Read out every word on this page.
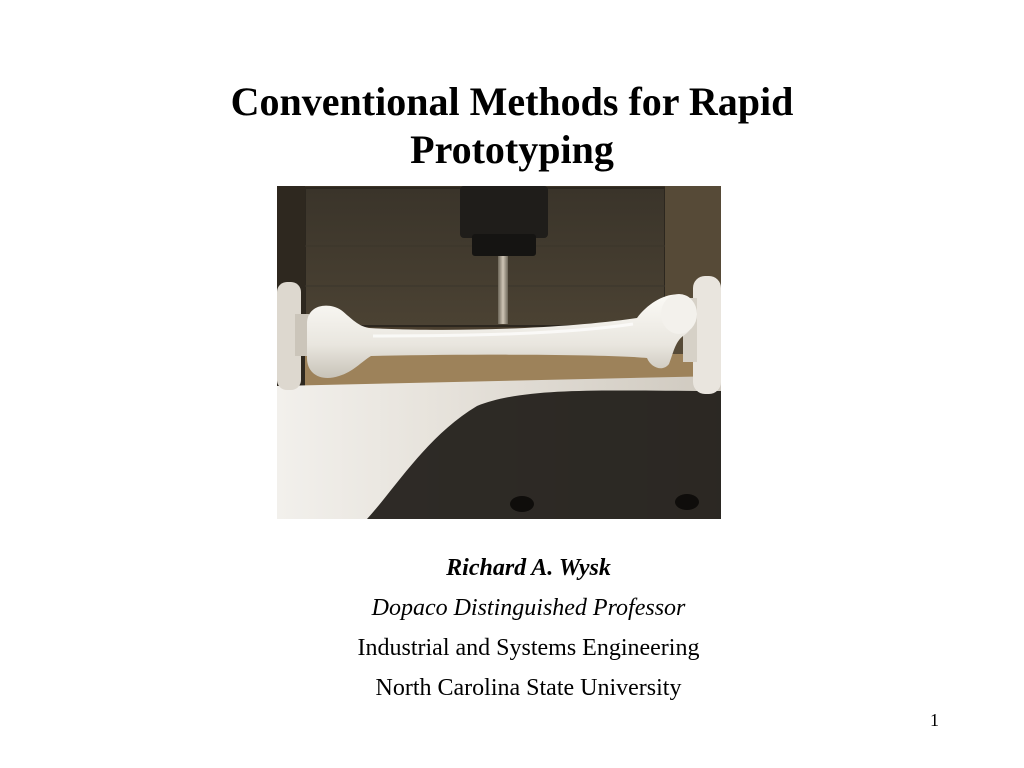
Conventional Methods for Rapid
Prototyping
Richard A. Wysk
Dopaco Distinguished Professor
Industrial and Systems Engineering
North Carolina State University
1
